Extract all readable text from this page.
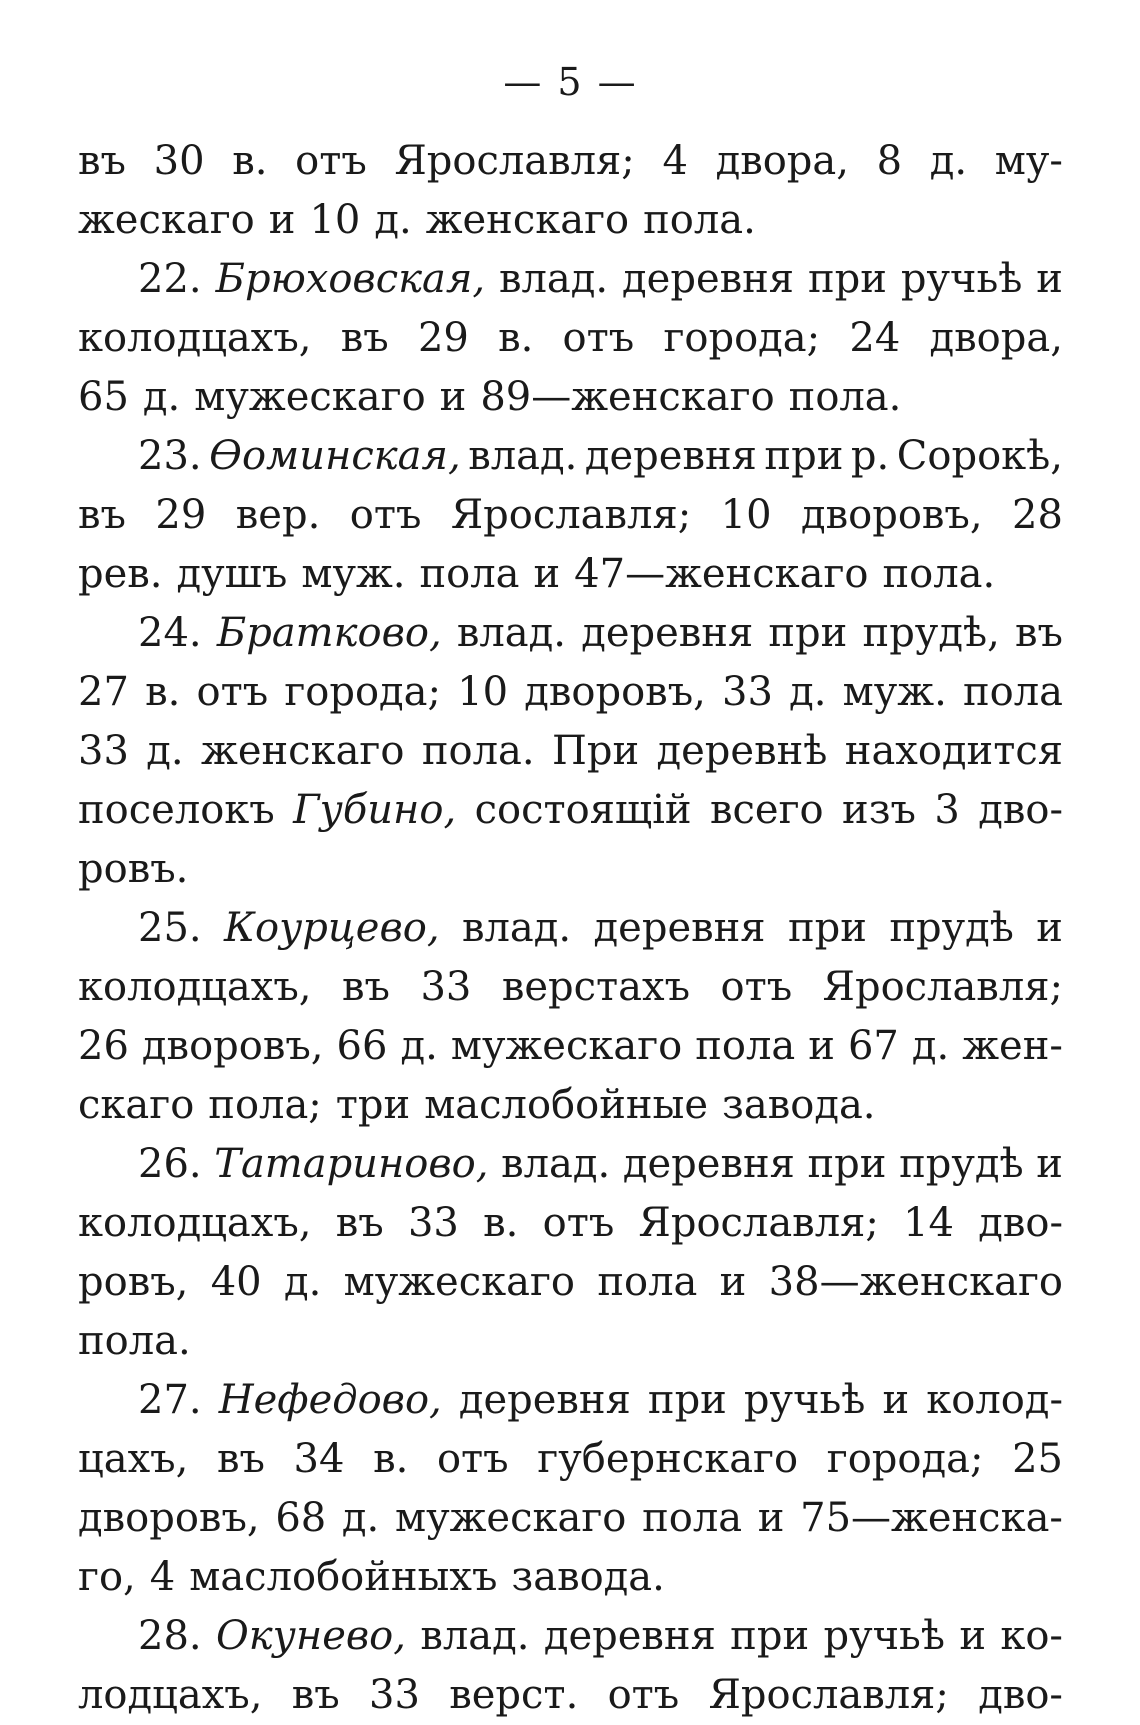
— 5 —
въ 30 в. отъ Ярославля; 4 двора, 8 д. му-
жескаго и 10 д. женскаго пола.
22. Брюховская, влад. деревня при ручьѣ и
колодцахъ, въ 29 в. отъ города; 24 двора,
65 д. мужескаго и 89—женскаго пола.
23. Ѳоминская, влад. деревня при р. Сорокѣ,
въ 29 вер. отъ Ярославля; 10 дворовъ, 28
рев. душъ муж. пола и 47—женскаго пола.
24. Братково, влад. деревня при прудѣ, въ
27 в. отъ города; 10 дворовъ, 33 д. муж. пола
33 д. женскаго пола. При деревнѣ находится
поселокъ Губино, состоящій всего изъ 3 дво-
ровъ.
25. Коурцево, влад. деревня при прудѣ и
колодцахъ, въ 33 верстахъ отъ Ярославля;
26 дворовъ, 66 д. мужескаго пола и 67 д. жен-
скаго пола; три маслобойные завода.
26. Татариново, влад. деревня при прудѣ и
колодцахъ, въ 33 в. отъ Ярославля; 14 дво-
ровъ, 40 д. мужескаго пола и 38—женскаго
пола.
27. Нефедово, деревня при ручьѣ и колод-
цахъ, въ 34 в. отъ губернскаго города; 25
дворовъ, 68 д. мужескаго пола и 75—женска-
го, 4 маслобойныхъ завода.
28. Окунево, влад. деревня при ручьѣ и ко-
лодцахъ, въ 33 верст. отъ Ярославля; дво-
